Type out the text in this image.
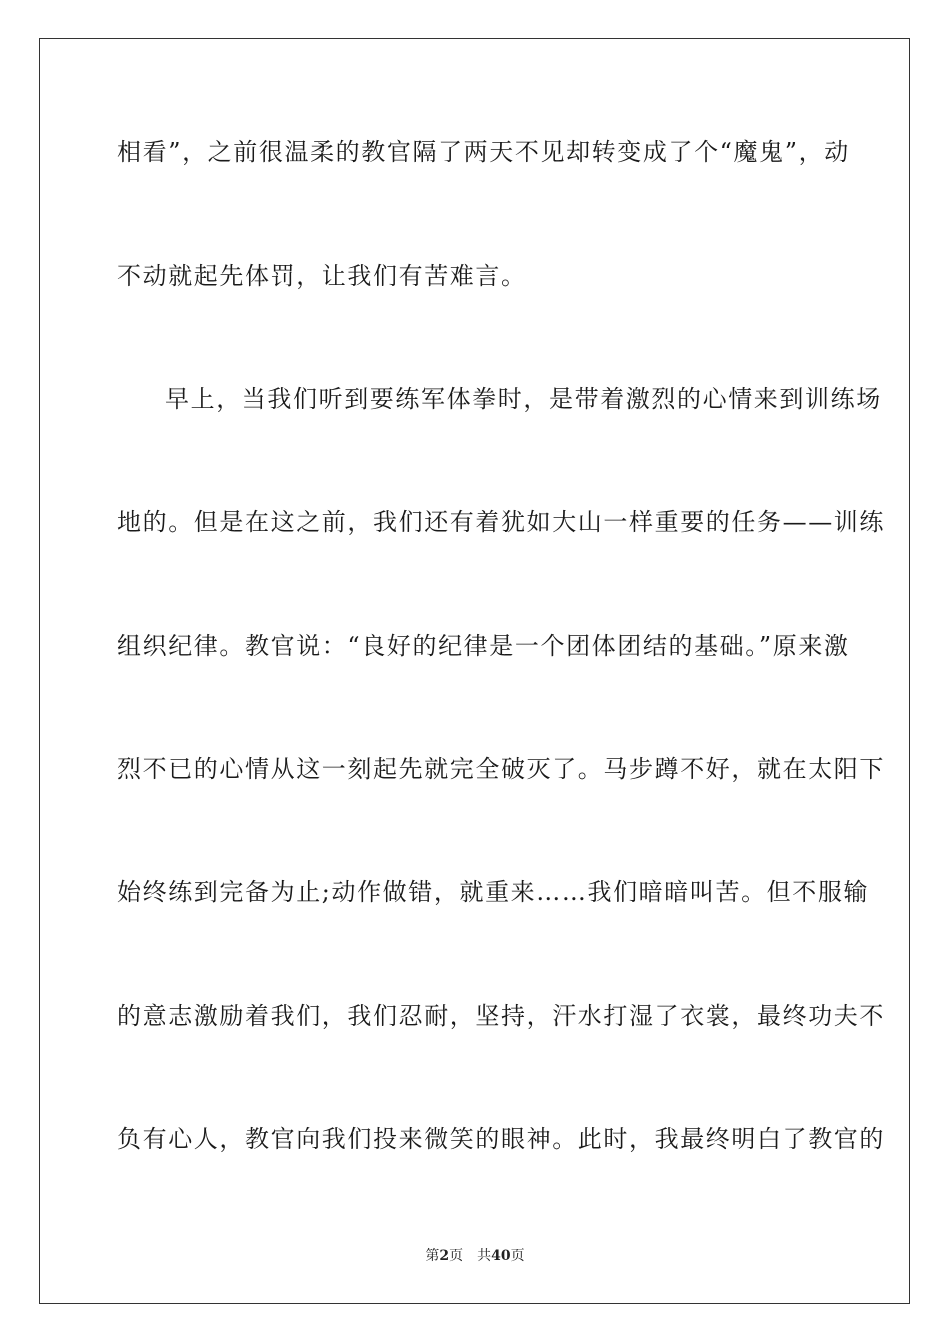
相看”，之前很温柔的教官隔了两天不见却转变成了个“魔鬼”，动
不动就起先体罚，让我们有苦难言。
早上，当我们听到要练军体拳时，是带着激烈的心情来到训练场
地的。但是在这之前，我们还有着犹如大山一样重要的任务——训练
组织纪律。教官说：“良好的纪律是一个团体团结的基础。”原来激
烈不已的心情从这一刻起先就完全破灭了。马步蹲不好，就在太阳下
始终练到完备为止;动作做错，就重来……我们暗暗叫苦。但不服输
的意志激励着我们，我们忍耐，坚持，汗水打湿了衣裳，最终功夫不
负有心人，教官向我们投来微笑的眼神。此时，我最终明白了教官的
第2页 共40页
